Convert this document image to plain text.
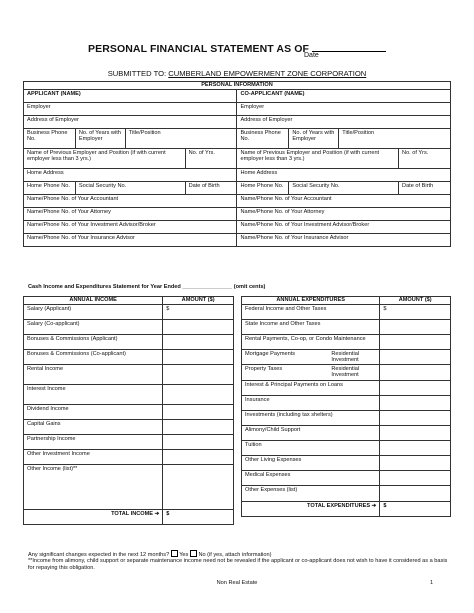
PERSONAL FINANCIAL STATEMENT AS OF
Date
SUBMITTED TO: CUMBERLAND EMPOWERMENT ZONE CORPORATION
PERSONAL INFORMATION							
APPLICANT (NAME)				CO-APPLICANT (NAME)			
Employer				Employer			
Address of Employer				Address of Employer			
Business Phone No.	No. of Years with Employer	Title/Position		Business Phone No.	No. of Years with Employer	Title/Position	
Name of Previous Employer and Position (if with current employer less than 3 yrs.)			No. of Yrs.	Name of Previous Employer and Position (if with current employer less than 3 yrs.)			No. of Yrs.
Home Address				Home Address			
Home Phone No.	Social Security No.		Date of Birth	Home Phone No.	Social Security No.		Date of Birth
Name/Phone No. of Your Accountant				Name/Phone No. of Your Accountant			
Name/Phone No. of Your Attorney				Name/Phone No. of Your Attorney			
Name/Phone No. of Your Investment Advisor/Broker				Name/Phone No. of Your Investment Advisor/Broker			
Name/Phone No. of Your Insurance Advisor				Name/Phone No. of Your Insurance Advisor			
Cash Income and Expenditures Statement for Year Ended ________________ (omit cents)
ANNUAL INCOME	AMOUNT ($)
Salary (Applicant)	$
Salary (Co-applicant)	
Bonuses & Commissions (Applicant)	
Bonuses & Commissions (Co-applicant)	
Rental Income	
Interest Income	
Dividend Income	
Capital Gains	
Partnership Income	
Other Investment Income	
Other Income (list)**	
TOTAL INCOME ➔	$
ANNUAL EXPENDITURES	AMOUNT ($)
Federal Income and Other Taxes	$
State Income and Other Taxes	
Rental Payments, Co-op, or Condo Maintenance	

Mortgage Payments Residential
Investment	

Property Taxes Residential
Investment	

Interest & Principal Payments on Loans	
Insurance	
Investments (including tax shelters)	
Alimony/Child Support	
Tuition	
Other Living Expenses	
Medical Expenses	
Other Expenses (list)	
TOTAL EXPENDITURES ➔	$
Any significant changes expected in the next 12 months? Yes No (if yes, attach information)
**Income from alimony, child support or separate maintenance income need not be revealed if the applicant or co-applicant does not wish to have it considered as a basis for repaying this obligation.
Non Real Estate	1
